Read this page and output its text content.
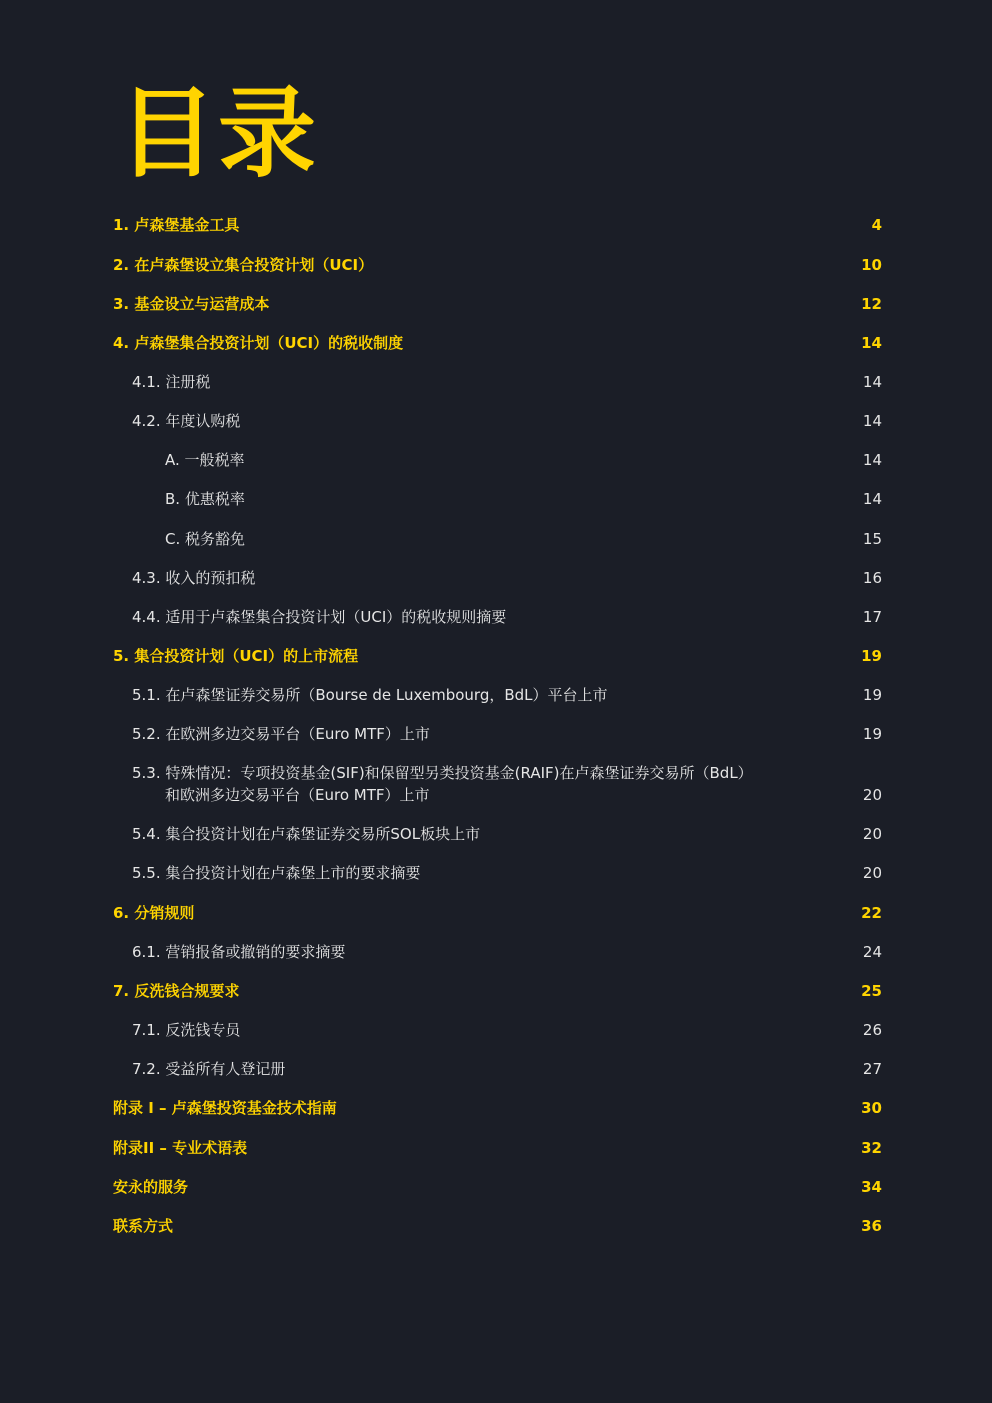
目录
1. 卢森堡基金工具	4
2. 在卢森堡设立集合投资计划（UCI）	10
3. 基金设立与运营成本	12
4. 卢森堡集合投资计划（UCI）的税收制度	14
4.1. 注册税	14
4.2. 年度认购税	14
A. 一般税率	14
B. 优惠税率	14
C. 税务豁免	15
4.3. 收入的预扣税	16
4.4. 适用于卢森堡集合投资计划（UCI）的税收规则摘要	17
5. 集合投资计划（UCI）的上市流程	19
5.1. 在卢森堡证券交易所（Bourse de Luxembourg，BdL）平台上市	19
5.2. 在欧洲多边交易平台（Euro MTF）上市	19
5.3. 特殊情况：专项投资基金(SIF)和保留型另类投资基金(RAIF)在卢森堡证券交易所（BdL）
和欧洲多边交易平台（Euro MTF）上市	20
5.4. 集合投资计划在卢森堡证券交易所SOL板块上市	20
5.5. 集合投资计划在卢森堡上市的要求摘要	20
6. 分销规则	22
6.1. 营销报备或撤销的要求摘要	24
7. 反洗钱合规要求	25
7.1. 反洗钱专员	26
7.2. 受益所有人登记册	27
附录 I – 卢森堡投资基金技术指南	30
附录II – 专业术语表	32
安永的服务	34
联系方式	36
